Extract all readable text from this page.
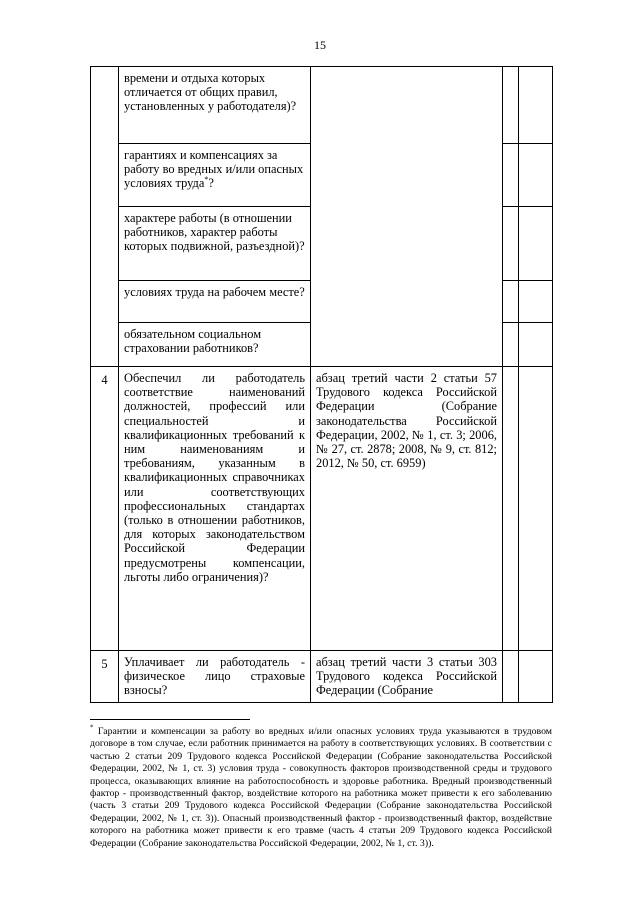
15
	времени и отдыха которых отличается от общих правил, установленных у работодателя)?			
	гарантиях и компенсациях за работу во вредных и/или опасных условиях труда*?			
	характере работы (в отношении работников, характер работы которых подвижной, разъездной)?			
	условиях труда на рабочем месте?			
	обязательном социальном страховании работников?			
4	Обеспечил ли работодатель соответствие наименований должностей, профессий или специальностей и квалификационных требований к ним наименованиям и требованиям, указанным в квалификационных справочниках или соответствующих профессиональных стандартах (только в отношении работников, для которых законодательством Российской Федерации предусмотрены компенсации, льготы либо ограничения)?	абзац третий части 2 статьи 57 Трудового кодекса Российской Федерации (Собрание законодательства Российской Федерации, 2002, № 1, ст. 3; 2006, № 27, ст. 2878; 2008, № 9, ст. 812; 2012, № 50, ст. 6959)		
5	Уплачивает ли работодатель - физическое лицо страховые взносы?	абзац третий части 3 статьи 303 Трудового кодекса Российской Федерации (Собрание		
* Гарантии и компенсации за работу во вредных и/или опасных условиях труда указываются в трудовом договоре в том случае, если работник принимается на работу в соответствующих условиях. В соответствии с частью 2 статьи 209 Трудового кодекса Российской Федерации (Собрание законодательства Российской Федерации, 2002, № 1, ст. 3) условия труда - совокупность факторов производственной среды и трудового процесса, оказывающих влияние на работоспособность и здоровье работника. Вредный производственный фактор - производственный фактор, воздействие которого на работника может привести к его заболеванию (часть 3 статьи 209 Трудового кодекса Российской Федерации (Собрание законодательства Российской Федерации, 2002, № 1, ст. 3)). Опасный производственный фактор - производственный фактор, воздействие которого на работника может привести к его травме (часть 4 статьи 209 Трудового кодекса Российской Федерации (Собрание законодательства Российской Федерации, 2002, № 1, ст. 3)).
